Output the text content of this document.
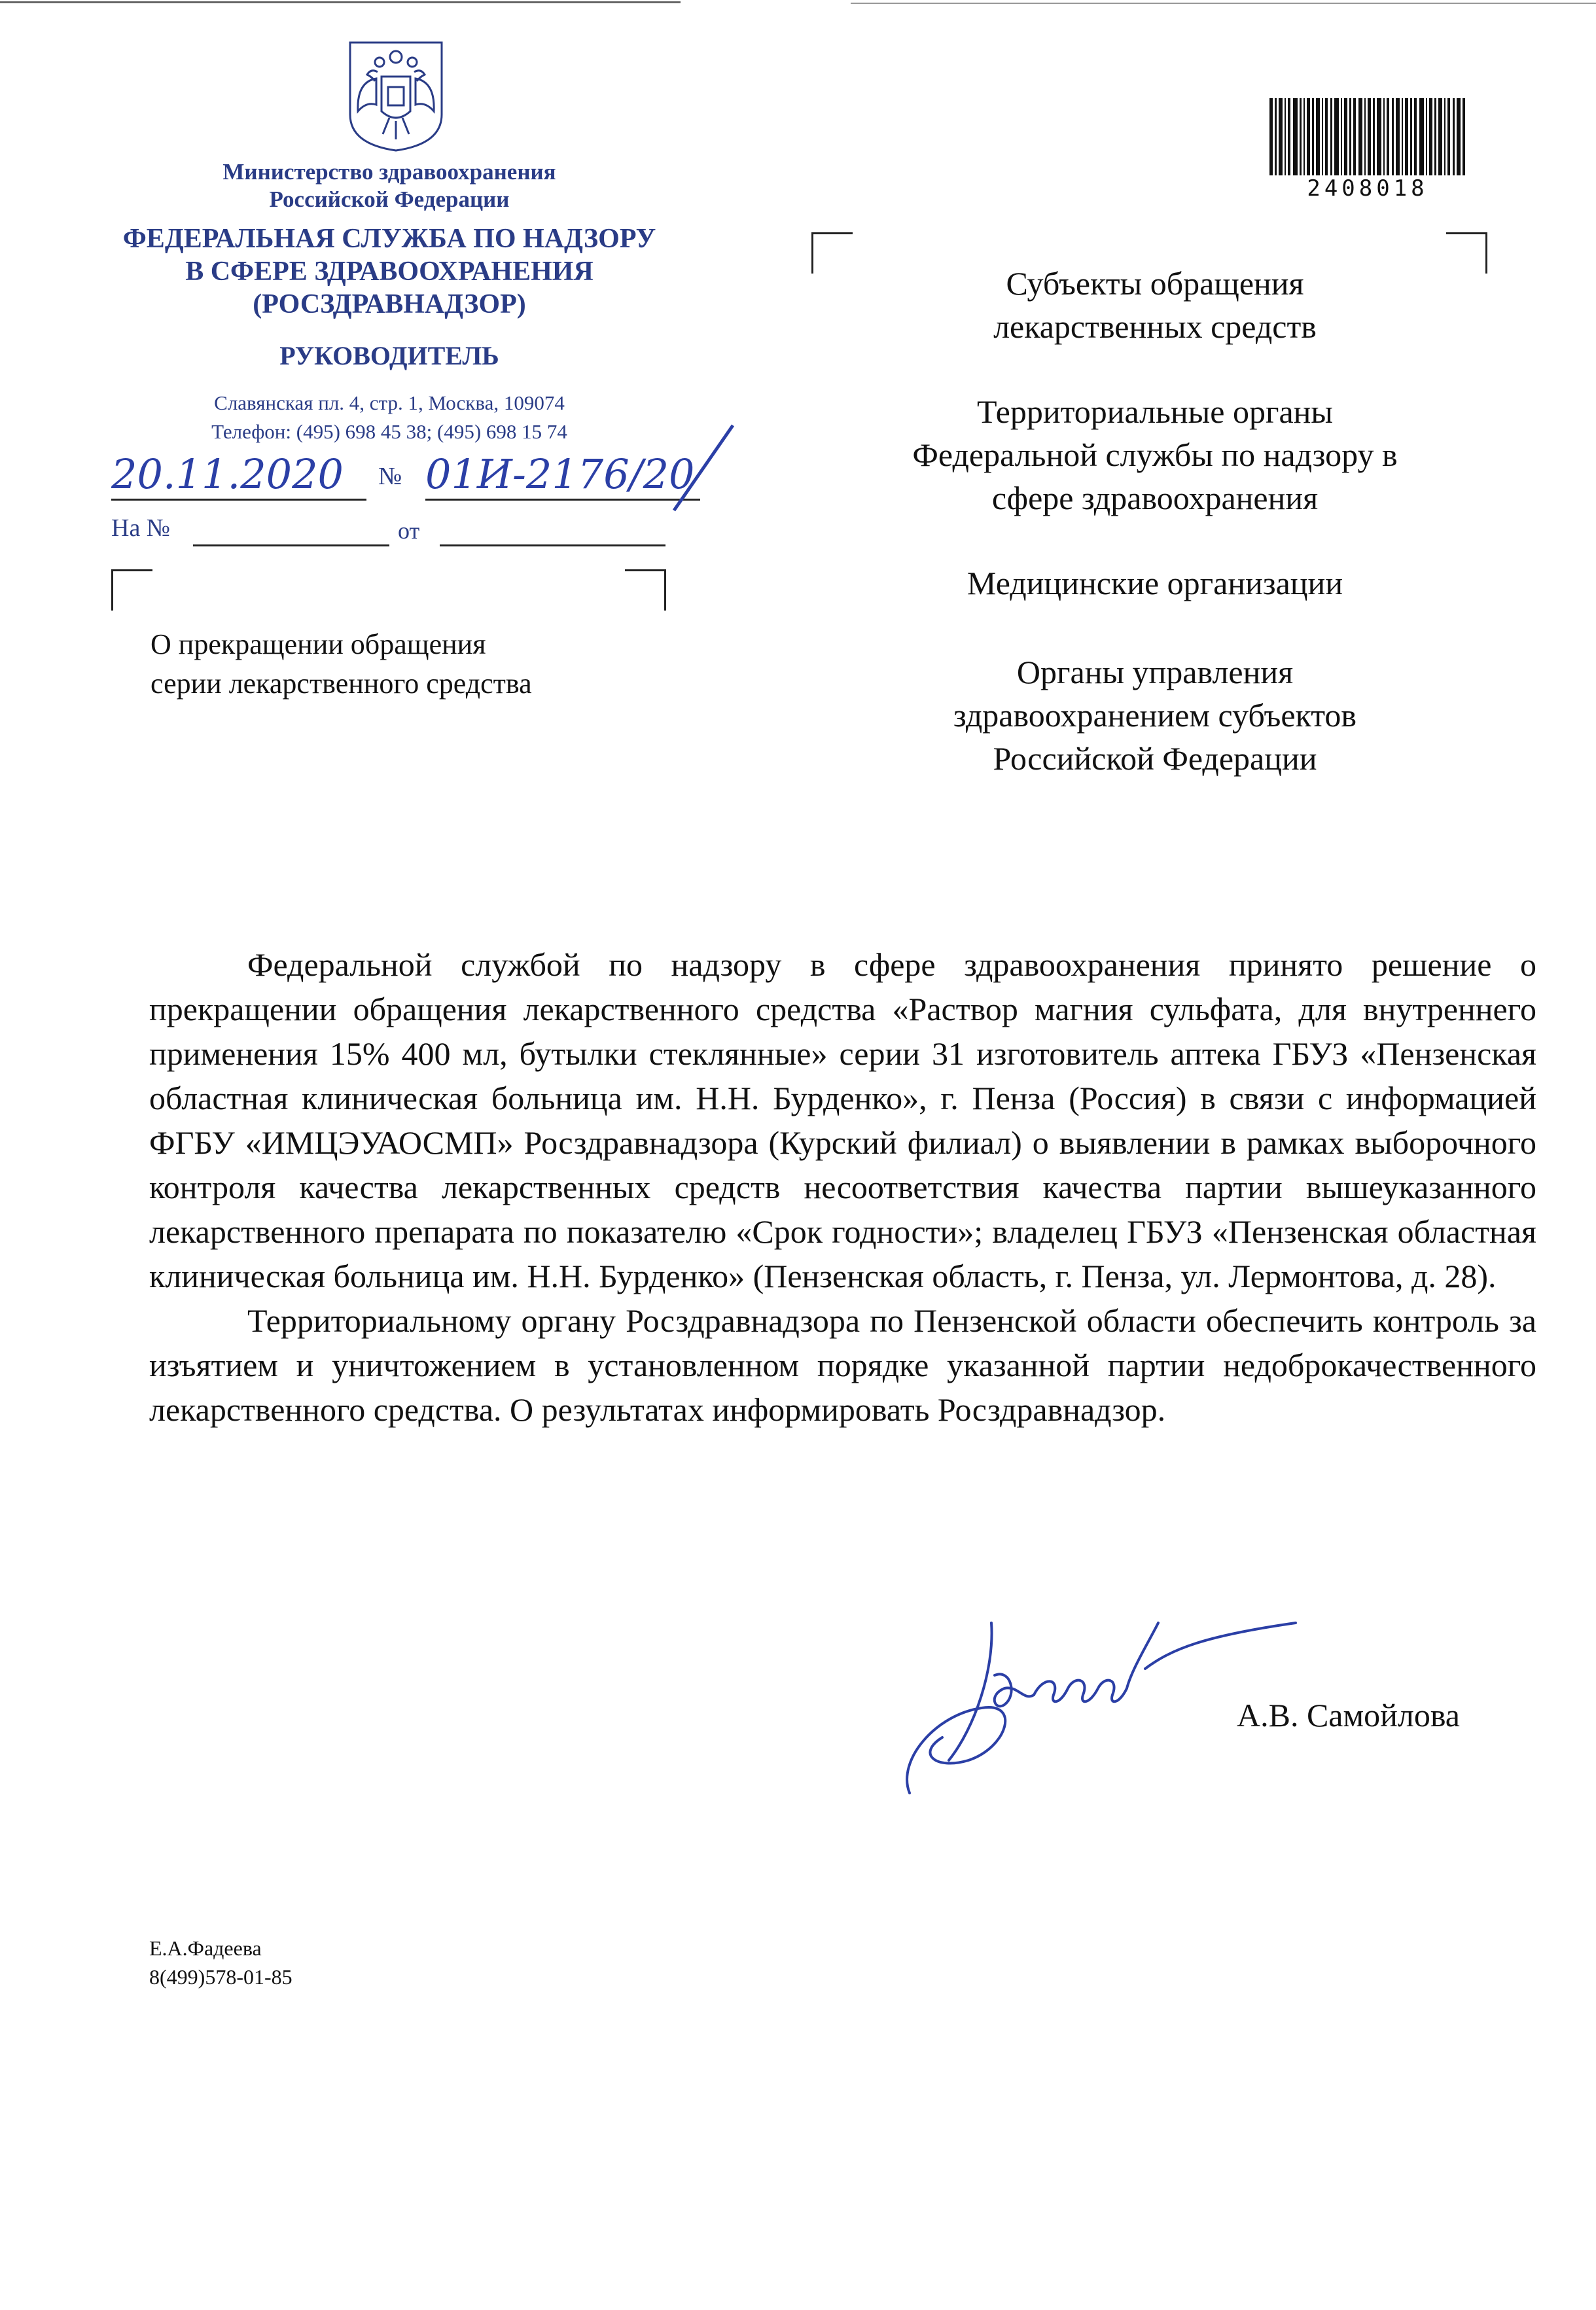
Министерство здравоохранения
Российской Федерации
ФЕДЕРАЛЬНАЯ СЛУЖБА ПО НАДЗОРУ
В СФЕРЕ ЗДРАВООХРАНЕНИЯ
(РОСЗДРАВНАДЗОР)
РУКОВОДИТЕЛЬ
Славянская пл. 4, стр. 1, Москва, 109074
Телефон: (495) 698 45 38; (495) 698 15 74
20.11.2020	№ 01И-2176/20
На №	от
О прекращении обращения
серии лекарственного средства
2408018
Субъекты обращения
лекарственных средств
Территориальные органы
Федеральной службы по надзору в
сфере здравоохранения
Медицинские организации
Органы управления
здравоохранением субъектов
Российской Федерации

Федеральной службой по надзору в сфере здравоохранения принято решение о прекращении обращения лекарственного средства «Раствор магния сульфата, для внутреннего применения 15% 400 мл, бутылки стеклянные» серии 31 изготовитель аптека ГБУЗ «Пензенская областная клиническая больница им. Н.Н. Бурденко», г. Пенза (Россия) в связи с информацией ФГБУ «ИМЦЭУАОСМП» Росздравнадзора (Курский филиал) о выявлении в рамках выборочного контроля качества лекарственных средств несоответствия качества партии вышеуказанного лекарственного препарата по показателю «Срок годности»; владелец ГБУЗ «Пензенская областная клиническая больница им. Н.Н. Бурденко» (Пензенская область, г. Пенза, ул. Лермонтова, д. 28).

Территориальному органу Росздравнадзора по Пензенской области обеспечить контроль за изъятием и уничтожением в установленном порядке указанной партии недоброкачественного лекарственного средства. О результатах информировать Росздравнадзор.

А.В. Самойлова
Е.А.Фадеева
8(499)578-01-85
